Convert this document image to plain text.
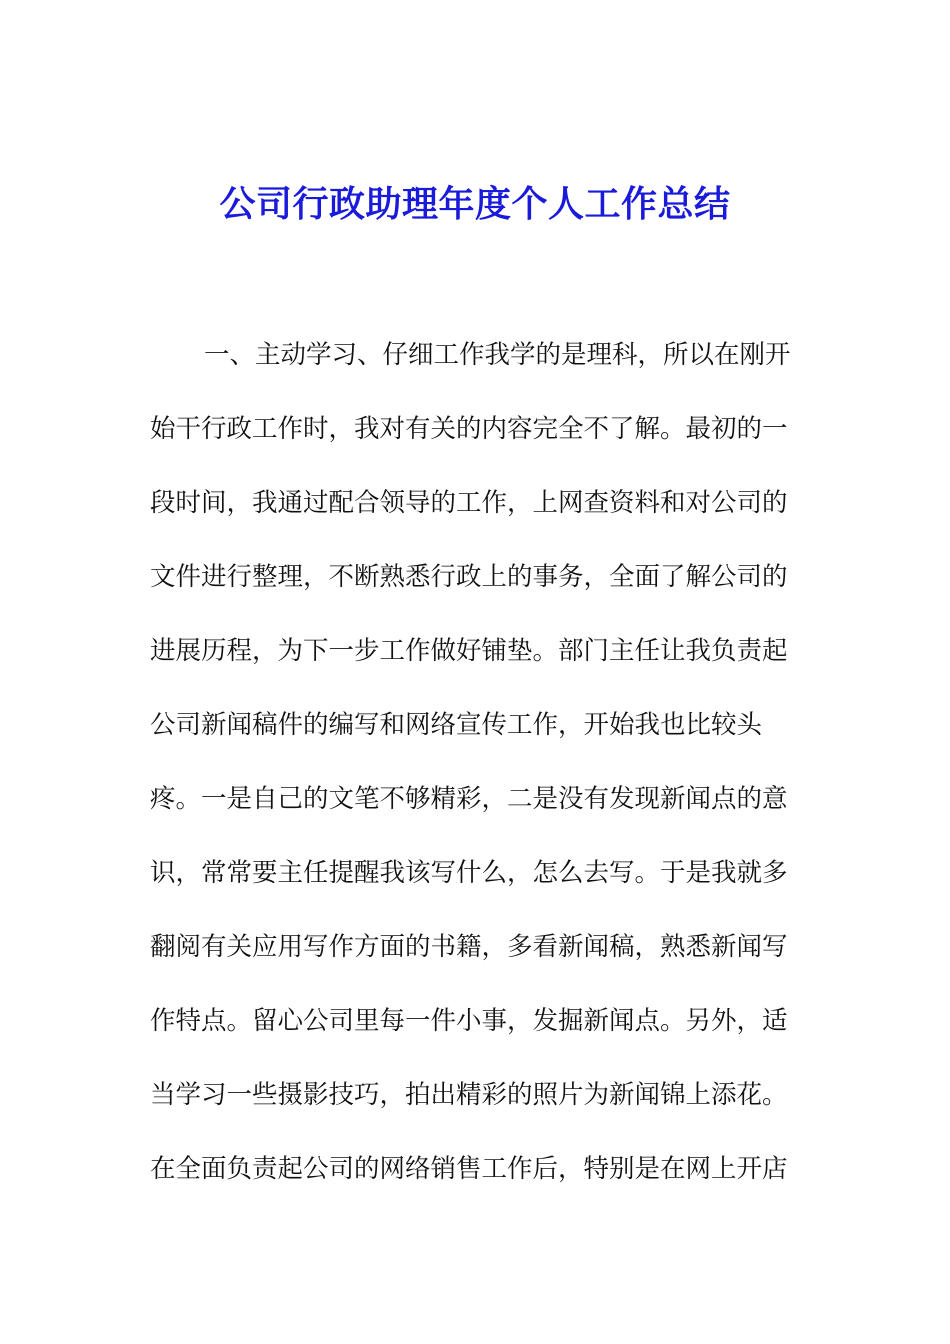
公司行政助理年度个人工作总结
一、主动学习、仔细工作我学的是理科，所以在刚开
始干行政工作时，我对有关的内容完全不了解。最初的一
段时间，我通过配合领导的工作，上网查资料和对公司的
文件进行整理，不断熟悉行政上的事务，全面了解公司的
进展历程，为下一步工作做好铺垫。部门主任让我负责起
公司新闻稿件的编写和网络宣传工作，开始我也比较头
疼。一是自己的文笔不够精彩，二是没有发现新闻点的意
识，常常要主任提醒我该写什么，怎么去写。于是我就多
翻阅有关应用写作方面的书籍，多看新闻稿，熟悉新闻写
作特点。留心公司里每一件小事，发掘新闻点。另外，适
当学习一些摄影技巧，拍出精彩的照片为新闻锦上添花。
在全面负责起公司的网络销售工作后，特别是在网上开店
